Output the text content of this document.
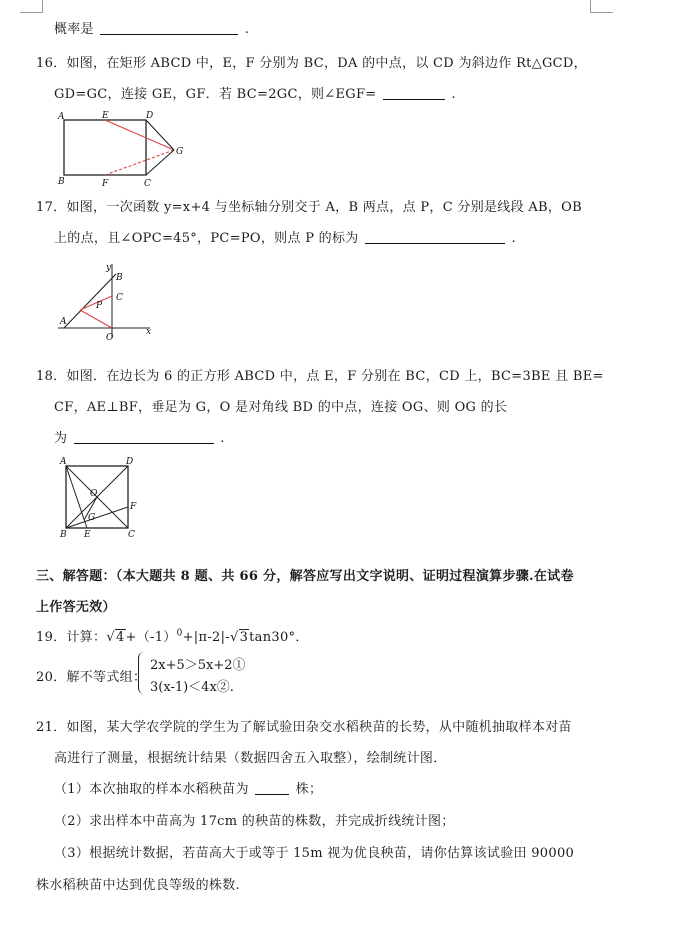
概率是	.
16．如图，在矩形 ABCD 中，E，F 分别为 BC，DA 的中点，以 CD 为斜边作 Rt△GCD，
GD=GC，连接 GE，GF．若 BC=2GC，则∠EGF=	.
A	E	D
G
B	F	C
17．如图，一次函数 y=x+4 与坐标轴分别交于 A，B 两点，点 P，C 分别是线段 AB，OB
上的点，且∠OPC=45°，PC=PO，则点 P 的标为	.
y
B
P
C
A
O
x
18．如图．在边长为 6 的正方形 ABCD 中，点 E，F 分别在 BC，CD 上，BC=3BE 且 BE=
CF，AE⊥BF，垂足为 G，O 是对角线 BD 的中点，连接 OG、则 OG 的长
为	.
A	D
O
F
G
B E	C
三、解答题：（本大题共 8 题、共 66 分，解答应写出文字说明、证明过程演算步骤.在试卷
上作答无效）
19．计算：$√4+(-1)^0+|\pi-2|-√3\tan 30^\circ$．
20．解不等式组：
2x+5＞5x+2①
3(x-1)＜4x②.
21．如图，某大学农学院的学生为了解试验田杂交水稻秧苗的长势，从中随机抽取样本对苗
高进行了测量，根据统计结果（数据四舍五入取整），绘制统计图．
（1）本次抽取的样本水稻秧苗为	株；
（2）求出样本中苗高为 17cm 的秧苗的株数，并完成折线统计图；
（3）根据统计数据，若苗高大于或等于 15m 视为优良秧苗，请你估算该试验田 90000
株水稻秧苗中达到优良等级的株数.
